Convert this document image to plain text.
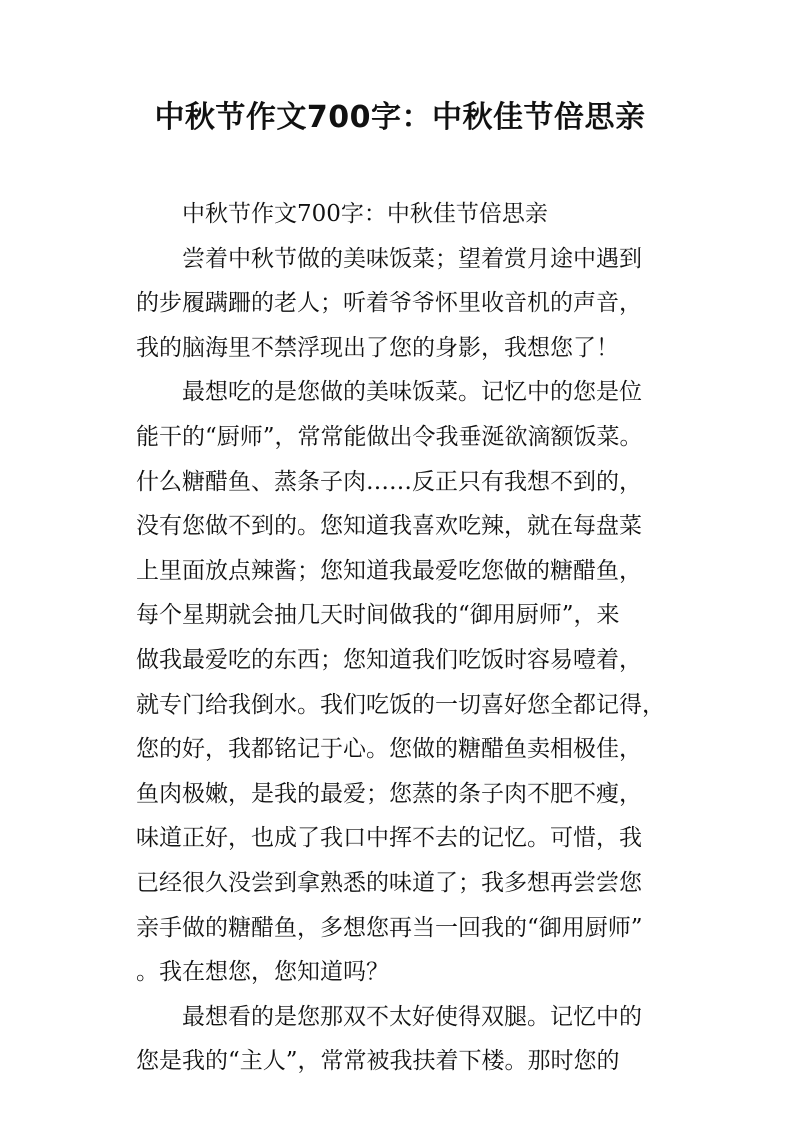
中秋节作文700字：中秋佳节倍思亲
中秋节作文700字：中秋佳节倍思亲
尝着中秋节做的美味饭菜；望着赏月途中遇到
的步履蹒跚的老人；听着爷爷怀里收音机的声音，
我的脑海里不禁浮现出了您的身影，我想您了！
最想吃的是您做的美味饭菜。记忆中的您是位
能干的“厨师”，常常能做出令我垂涎欲滴额饭菜。
什么糖醋鱼、蒸条子肉……反正只有我想不到的，
没有您做不到的。您知道我喜欢吃辣，就在每盘菜
上里面放点辣酱；您知道我最爱吃您做的糖醋鱼，
每个星期就会抽几天时间做我的“御用厨师”，来
做我最爱吃的东西；您知道我们吃饭时容易噎着，
就专门给我倒水。我们吃饭的一切喜好您全都记得，
您的好，我都铭记于心。您做的糖醋鱼卖相极佳，
鱼肉极嫩，是我的最爱；您蒸的条子肉不肥不瘦，
味道正好，也成了我口中挥不去的记忆。可惜，我
已经很久没尝到拿熟悉的味道了；我多想再尝尝您
亲手做的糖醋鱼，多想您再当一回我的“御用厨师”
。我在想您，您知道吗？
最想看的是您那双不太好使得双腿。记忆中的
您是我的“主人”，常常被我扶着下楼。那时您的
